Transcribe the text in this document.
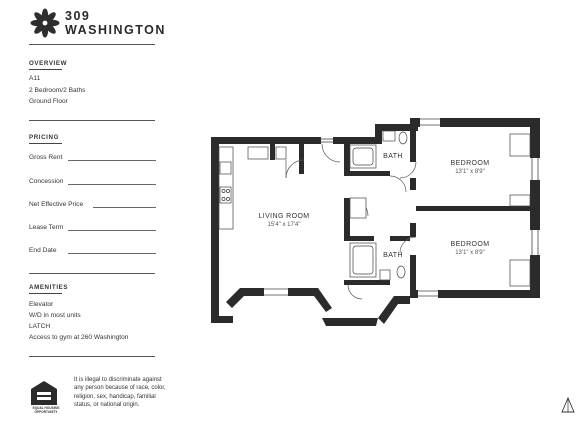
309
WASHINGTON
OVERVIEW
A11
2 Bedroom/2 Baths
Ground Floor
PRICING
Gross Rent
Concession
Net Effective Price
Lease Term
End Date
AMENITIES
Elevator
W/D in most units
LATCH
Access to gym at 260 Washington
EQUAL HOUSING OPPORTUNITY
It is illegal to discriminate against any person because of race, color, religion, sex, handicap, familial status, or national origin.
LIVING ROOM
15'4" x 17'4"
BEDROOM
13'1" x 8'9"
BEDROOM
13'1" x 8'9"
BATH
BATH
